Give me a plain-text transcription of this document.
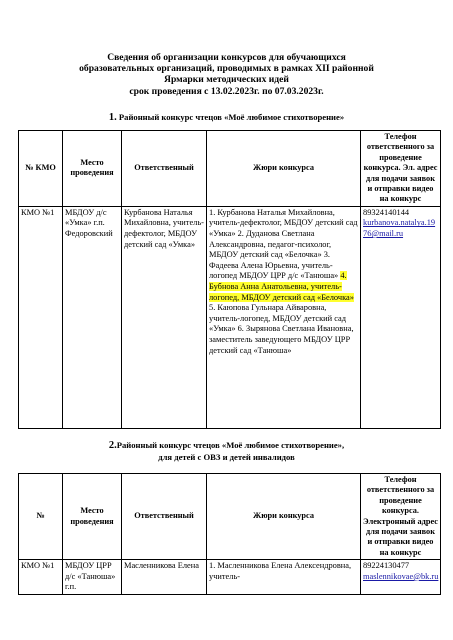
Сведения об организации конкурсов для обучающихся
образовательных организаций, проводимых в рамках XII районной
Ярмарки методических идей
срок проведения с 13.02.2023г. по 07.03.2023г.
1. Районный конкурс чтецов «Моё любимое стихотворение»
№ КМО	Место проведения	Ответственный	Жюри конкурса	Телефон ответственного за проведение конкурса. Эл. адрес для подачи заявок и отправки видео на конкурс
КМО №1	МБДОУ д/с «Умка» г.п. Федоровский	Курбанова Наталья Михайловна, учитель-дефектолог, МБДОУ детский сад «Умка»	1. Курбанова Наталья Михайловна, учитель-дефектолог, МБДОУ детский сад «Умка» 2. Дуданова Светлана Александровна, педагог-психолог, МБДОУ детский сад «Белочка» 3. Фадеева Алена Юрьевна, учитель-логопед МБДОУ ЦРР д/с «Танюша» 4. Бубнова Анна Анатольевна, учитель-логопед, МБДОУ детский сад «Белочка» 5. Каюпова Гульнара Айваровна, учитель-логопед, МБДОУ детский сад «Умка» 6. Зырянова Светлана Ивановна, заместитель заведующего МБДОУ ЦРР детский сад «Танюша»	89324140144
kurbanova.natalya.1976@mail.ru
2.Районный конкурс чтецов «Моё любимое стихотворение»,
для детей с ОВЗ и детей инвалидов
№	Место проведения	Ответственный	Жюри конкурса	Телефон ответственного за проведение конкурса. Электронный адрес для подачи заявок и отправки видео на конкурс
КМО №1	МБДОУ ЦРР д/с «Танюша» г.п.	Масленникова Елена	1. Масленникова Елена Алексендровна, учитель-	89224130477
maslennikovae@bk.ru
